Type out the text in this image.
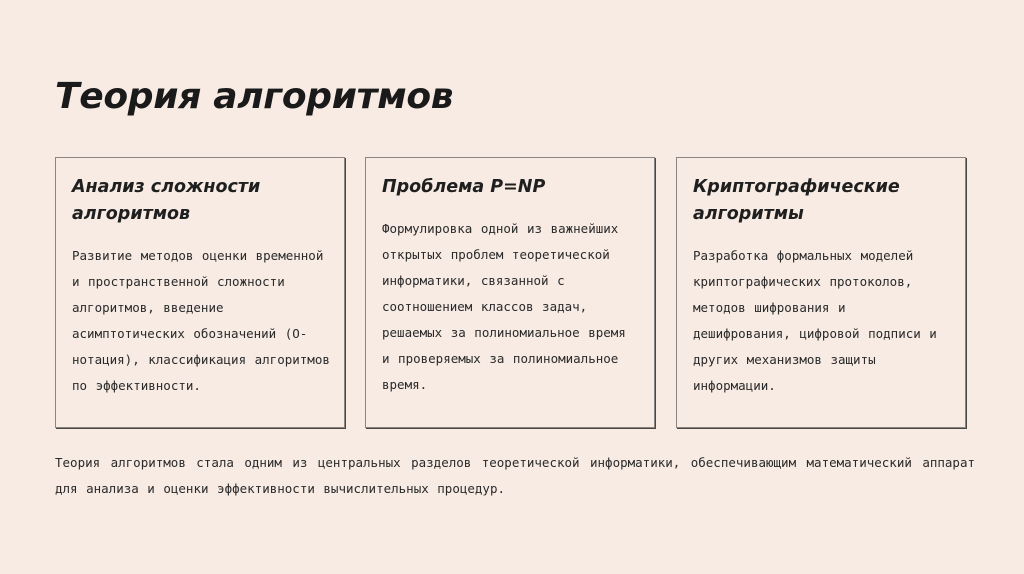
Теория алгоритмов
Анализ сложности алгоритмов

Развитие методов оценки временной и пространственной сложности алгоритмов, введение асимптотических обозначений (O-нотация), классификация алгоритмов по эффективности.

Проблема P=NP

Формулировка одной из важнейших открытых проблем теоретической информатики, связанной с соотношением классов задач, решаемых за полиномиальное время и проверяемых за полиномиальное время.

Криптографические алгоритмы

Разработка формальных моделей криптографических протоколов, методов шифрования и дешифрования, цифровой подписи и других механизмов защиты информации.

Теория алгоритмов стала одним из центральных разделов теоретической информатики, обеспечивающим математический аппарат для анализа и оценки эффективности вычислительных процедур.
